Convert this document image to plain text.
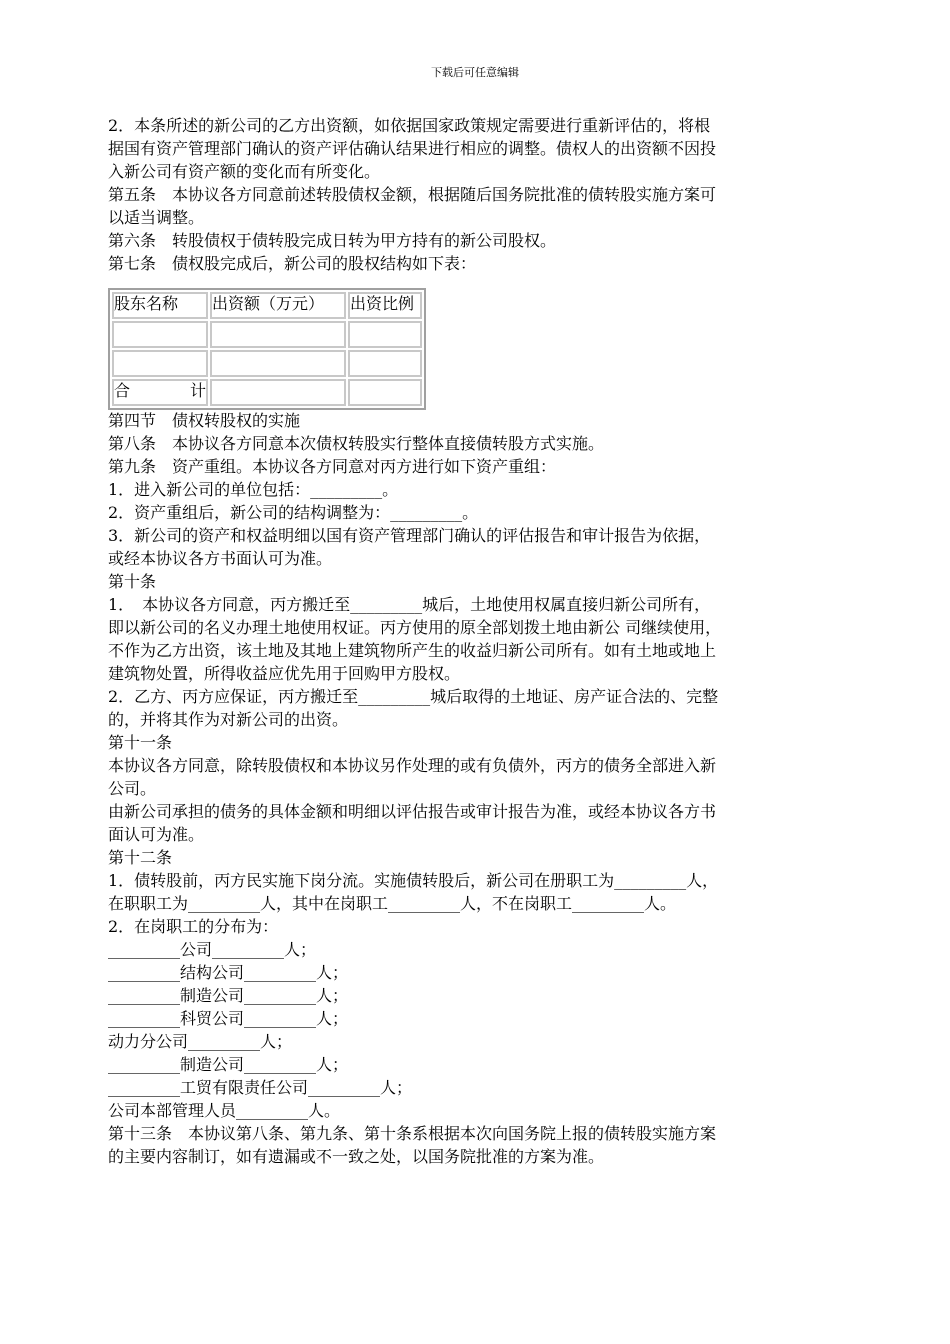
下载后可任意编辑
2．本条所述的新公司的乙方出资额，如依据国家政策规定需要进行重新评估的，将根
据国有资产管理部门确认的资产评估确认结果进行相应的调整。债权人的出资额不因投
入新公司有资产额的变化而有所变化。
第五条　本协议各方同意前述转股债权金额，根据随后国务院批准的债转股实施方案可
以适当调整。
第六条　转股债权于债转股完成日转为甲方持有的新公司股权。
第七条　债权股完成后，新公司的股权结构如下表：
股东名称	出资额（万元）	出资比例

合 计		

第四节　债权转股权的实施
第八条　本协议各方同意本次债权转股实行整体直接债转股方式实施。
第九条　资产重组。本协议各方同意对丙方进行如下资产重组：
1．进入新公司的单位包括：_________。
2．资产重组后，新公司的结构调整为：_________。
3．新公司的资产和权益明细以国有资产管理部门确认的评估报告和审计报告为依据，
或经本协议各方书面认可为准。
第十条
1．　本协议各方同意，丙方搬迁至_________城后，土地使用权属直接归新公司所有，
即以新公司的名义办理土地使用权证。丙方使用的原全部划拨土地由新公 司继续使用，
不作为乙方出资，该土地及其地上建筑物所产生的收益归新公司所有。如有土地或地上
建筑物处置，所得收益应优先用于回购甲方股权。
2．乙方、丙方应保证，丙方搬迁至_________城后取得的土地证、房产证合法的、完整
的，并将其作为对新公司的出资。
第十一条
本协议各方同意，除转股债权和本协议另作处理的或有负债外，丙方的债务全部进入新
公司。
由新公司承担的债务的具体金额和明细以评估报告或审计报告为准，或经本协议各方书
面认可为准。
第十二条
1．债转股前，丙方民实施下岗分流。实施债转股后，新公司在册职工为_________人，
在职职工为_________人，其中在岗职工_________人，不在岗职工_________人。
2．在岗职工的分布为：
_________公司_________人；
_________结构公司_________人；
_________制造公司_________人；
_________科贸公司_________人；
动力分公司_________人；
_________制造公司_________人；
_________工贸有限责任公司_________人；
公司本部管理人员_________人。
第十三条　本协议第八条、第九条、第十条系根据本次向国务院上报的债转股实施方案
的主要内容制订，如有遗漏或不一致之处，以国务院批准的方案为准。
